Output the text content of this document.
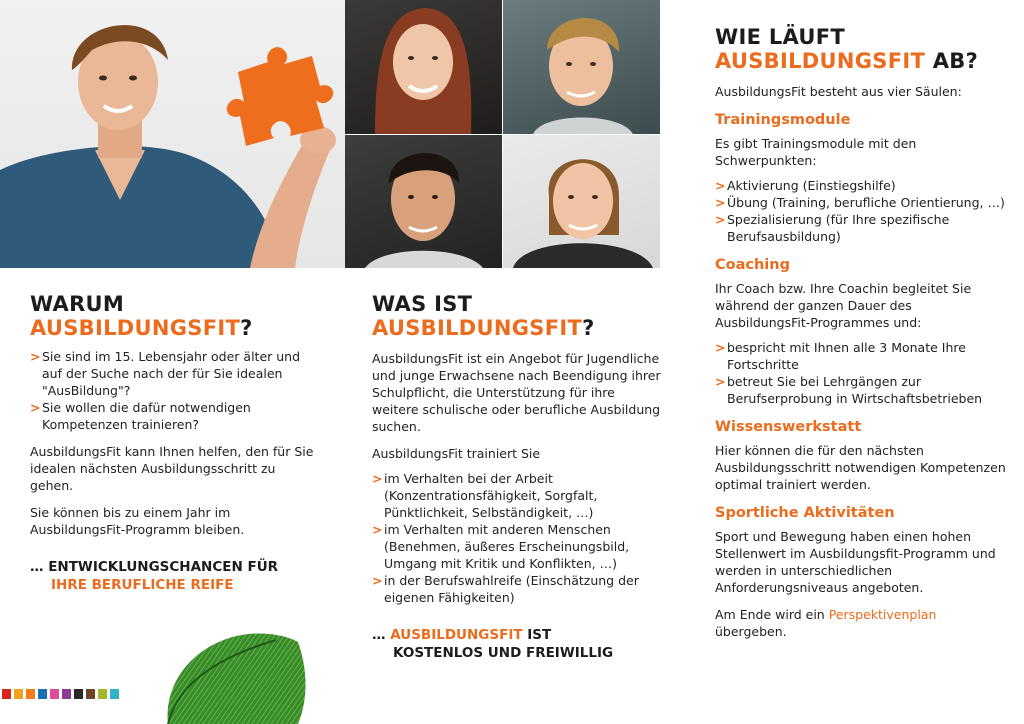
WARUM
AUSBILDUNGSFIT?
> Sie sind im 15. Lebensjahr oder älter und auf der Suche nach der für Sie idealen "AusBildung"?
> Sie wollen die dafür notwendigen Kompetenzen trainieren?

AusbildungsFit kann Ihnen helfen, den für Sie idealen nächsten Ausbildungsschritt zu gehen.

Sie können bis zu einem Jahr im AusbildungsFit-Programm bleiben.

… ENTWICKLUNGSCHANCEN FÜR
IHRE BERUFLICHE REIFE
WAS IST
AUSBILDUNGSFIT?

AusbildungsFit ist ein Angebot für Jugendliche und junge Erwachsene nach Beendigung ihrer Schulpflicht, die Unterstützung für ihre weitere schulische oder berufliche Ausbildung suchen.

AusbildungsFit trainiert Sie

> im Verhalten bei der Arbeit (Konzentrationsfähigkeit, Sorgfalt, Pünktlichkeit, Selbständigkeit, …)
> im Verhalten mit anderen Menschen (Benehmen, äußeres Erscheinungsbild, Umgang mit Kritik und Konflikten, …)
> in der Berufswahlreife (Einschätzung der eigenen Fähigkeiten)
… AUSBILDUNGSFIT IST
KOSTENLOS UND FREIWILLIG
WIE LÄUFT
AUSBILDUNGSFIT AB?

AusbildungsFit besteht aus vier Säulen:

Trainingsmodule

Es gibt Trainingsmodule mit den Schwerpunkten:

> Aktivierung (Einstiegshilfe)
> Übung (Training, berufliche Orientierung, …)
> Spezialisierung (für Ihre spezifische Berufsausbildung)
Coaching

Ihr Coach bzw. Ihre Coachin begleitet Sie während der ganzen Dauer des AusbildungsFit-Programmes und:

> bespricht mit Ihnen alle 3 Monate Ihre Fortschritte
> betreut Sie bei Lehrgängen zur Berufserprobung in Wirtschaftsbetrieben
Wissenswerkstatt

Hier können die für den nächsten Ausbildungsschritt notwendigen Kompetenzen optimal trainiert werden.

Sportliche Aktivitäten

Sport und Bewegung haben einen hohen Stellenwert im Ausbildungsfit-Programm und werden in unterschiedlichen Anforderungsniveaus angeboten.

Am Ende wird ein Perspektivenplan übergeben.
